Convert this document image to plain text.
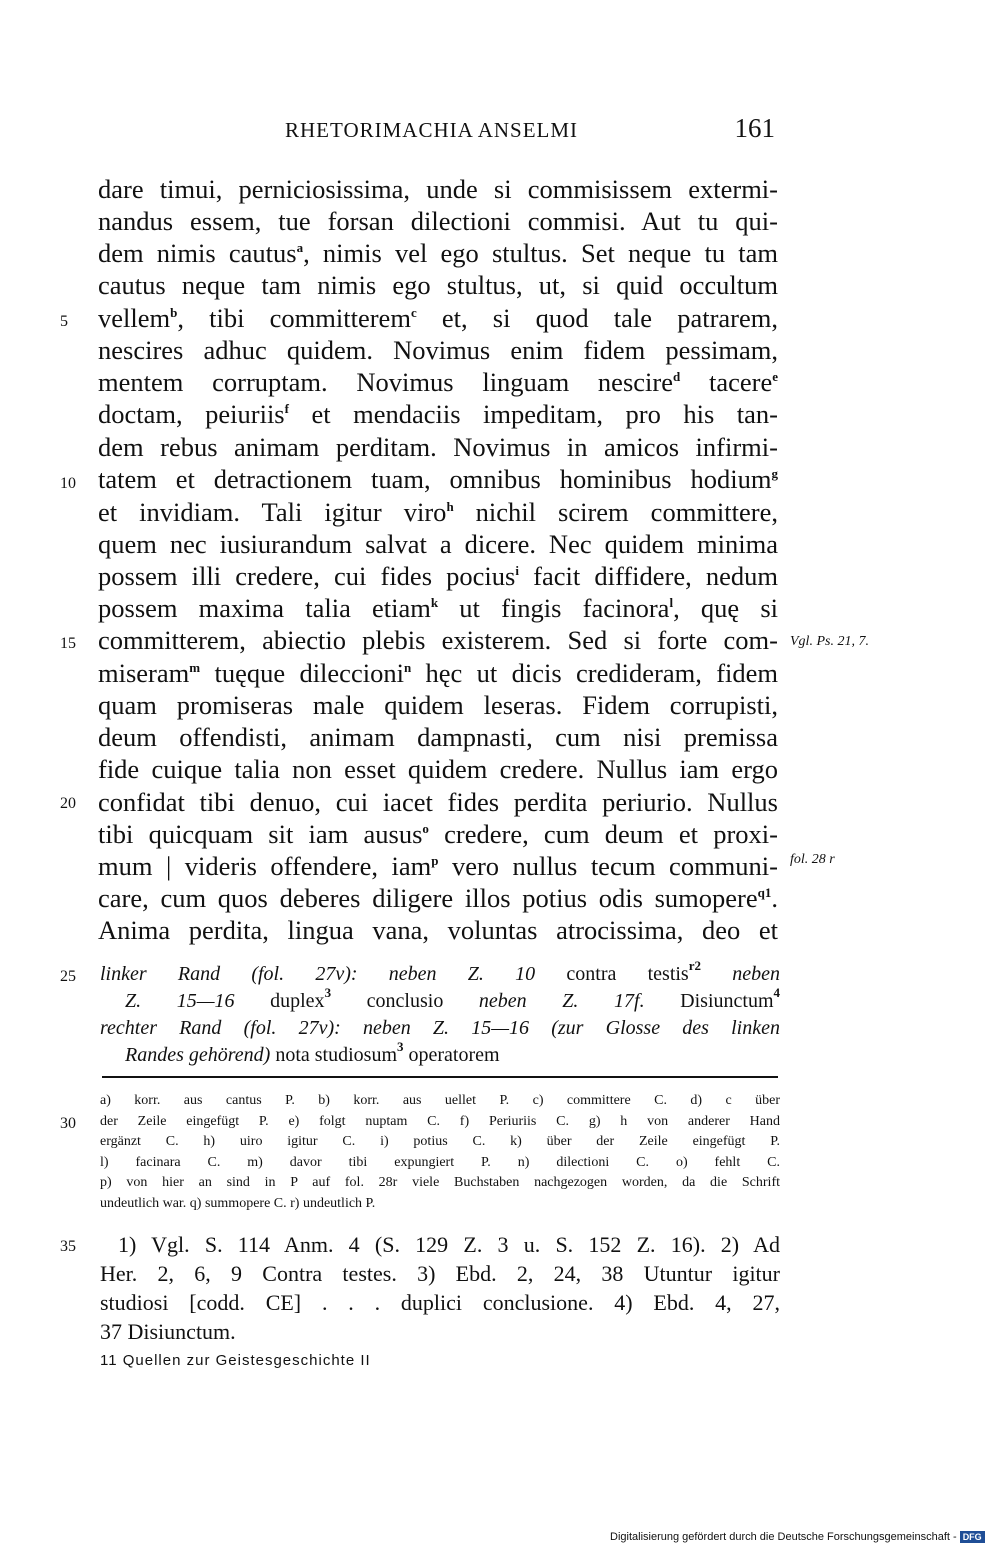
RHETORIMACHIA ANSELMI	161
5
10
15
20
25
30
35
dare timui, perniciosissima, unde si commisissem extermi-
nandus essem, tue forsan dilectioni commisi. Aut tu qui-
dem nimis cautus$^a$, nimis vel ego stultus. Set neque tu tam
cautus neque tam nimis ego stultus, ut, si quid occultum
vellem$^b$, tibi committerem$^c$ et, si quod tale patrarem,
nescires adhuc quidem. Novimus enim fidem pessimam,
mentem corruptam. Novimus linguam nescire$^d$ tacere$^e$
doctam, peiuriis$^f$ et mendaciis impeditam, pro his tan-
dem rebus animam perditam. Novimus in amicos infirmi-
tatem et detractionem tuam, omnibus hominibus hodium$^g$
et invidiam. Tali igitur viro$^h$ nichil scirem committere,
quem nec iusiurandum salvat a dicere. Nec quidem minima
possem illi credere, cui fides pocius$^i$ facit diffidere, nedum
possem maxima talia etiam$^k$ ut fingis facinora$^l$, quę si
committerem, abiectio plebis existerem. Sed si forte com-
miseram$^m$ tuęque dileccioni$^n$ hęc ut dicis credideram, fidem
quam promiseras male quidem leseras. Fidem corrupisti,
deum offendisti, animam dampnasti, cum nisi premissa
fide cuique talia non esset quidem credere. Nullus iam ergo
confidat tibi denuo, cui iacet fides perdita periurio. Nullus
tibi quicquam sit iam ausus$^o$ credere, cum deum et proxi-
mum | videris offendere, iam$^p$ vero nullus tecum communi-
care, cum quos deberes diligere illos potius odis sumopere$^{q1}$.
Anima perdita, lingua vana, voluntas atrocissima, deo et
Vgl. Ps. 21, 7.
fol. 28 r
linker Rand (fol. 27v): neben Z. 10 contra testis$^{r2}$ neben
Z. 15—16 duplex$^3$ conclusio neben Z. 17f. Disiunctum$^4$
rechter Rand (fol. 27v): neben Z. 15—16 (zur Glosse des linken
Randes gehörend) nota studiosum$^3$ operatorem
a) korr. aus cantus P. b) korr. aus uellet P. c) committere C. d) c über
der Zeile eingefügt P. e) folgt nuptam C. f) Periuriis C. g) h von anderer Hand
ergänzt C. h) uiro igitur C. i) potius C. k) über der Zeile eingefügt P.
l) facinara C. m) davor tibi expungiert P. n) dilectioni C. o) fehlt C.
p) von hier an sind in P auf fol. 28r viele Buchstaben nachgezogen worden, da die Schrift
undeutlich war. q) summopere C. r) undeutlich P.
1) Vgl. S. 114 Anm. 4 (S. 129 Z. 3 u. S. 152 Z. 16). 2) Ad
Her. 2, 6, 9 Contra testes. 3) Ebd. 2, 24, 38 Utuntur igitur
studiosi [codd. CE] . . . duplici conclusione. 4) Ebd. 4, 27,
37 Disiunctum.
11 Quellen zur Geistesgeschichte II
Digitalisierung gefördert durch die Deutsche Forschungsgemeinschaft - DFG
